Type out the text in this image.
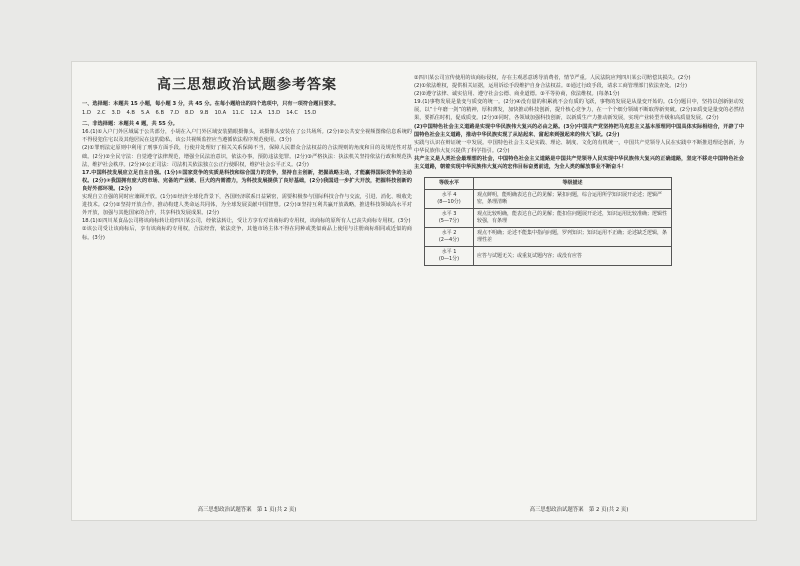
高三思想政治试题参考答案

一、选择题：本题共 15 小题，每小题 3 分，共 45 分。在每小题给出的四个选项中，只有一项符合题目要求。

1.D 2.C 3.D 4.B 5.A 6.B 7.D 8.D 9.B 10.A 11.C 12.A 13.D 14.C 15.D

二、非选择题：本题共 4 题，共 55 分。

16.(1)①入户门外区域属于公共部分，小胡在入户门外区域安装猫眼摄像头，该摄像头安装在了公共场所。(2分)②公共安全视频图像信息系统的不得侵犯住宅以及其他居民在这的隐私，该公共视频监控应当遵循依法程序规范使用。(3分)

(2)①罪刑法定原则中利用了刑事方面手段，行使并处理好了相关关系保障不当，保障人民群众合法权益的合法规则的角度和目的及规范性对基础。(2分)②全民守法：自觉遵守法律规范，增强全民法治意识，依法办事，预防违法犯罪。(2分)③严格执法：执法机关坚持依法行政和规范执法，维护社会秩序。(2分)④公正司法：司法机关依法独立公正行使职权，维护社会公平正义。(2分)

17.中国科技发展应立足自主自强。(1分)①国家竞争的实质是科技和综合国力的竞争，坚持自主创新，把握战略主动，才能赢得国际竞争的主动权。(2分)②我国拥有庞大的市场、完备的产业链、巨大的内需潜力，为科技发展提供了良好基础，(2分)我国进一步扩大开放，把握科技创新的良好外部环境。(2分)

实现自立自强的同时应兼顾开放。(1分)①经济全球化背景下，各国经济联系日益紧密，需要积极参与国际科技合作与交流，引进、消化、吸收先进技术。(2分)②坚持开放合作，推动构建人类命运共同体，为全球发展贡献中国智慧。(2分)③坚持互利共赢开放战略，推进科技领域高水平对外开放，加强与其他国家的合作，共享科技发展成果。(2分)

18.(1)①四川某食品公司将该商标转让给四川某公司，经依法转让，受让方享有对该商标的专用权，该商标的原所有人已丧失商标专用权。(3分)

②该公司受让该商标后，享有该商标的专用权，合法经营，依法竞争，其他市场主体不得在同种或类似商品上使用与注册商标相同或近似的商标。(3分)

高三思想政治试题答案　第 1 页(共 2 页)

②四川某公司宣传使用的该商标侵权，存在主观恶意诱导消费者，情节严重。人民法院应判四川某公司赔偿其损失。(2分)

(2)①依法维权，提供相关证据，运用诉讼手段维护自身合法权益。②通过行政手段，请求工商管理部门依法查处。(2分)

(2)②遵守法律、诚实信用、遵守社会公德、商业道德。③平等协商，依法维权。(每条1分)

19.(1)事物发展是量变与质变的统一。(2分)④没有量的积累就不会有质的飞跃，事物的发展是从量变开始的。(1分)题目中，坚持以创新驱动发展，以“十年磨一剑”的精神，厚积薄发，加快推动科技创新，提升核心竞争力，在一个个细分领域不断取得新突破。(2分)②质变是量变的必然结果，要抓住时机，促成质变。(2分)③同时，各领域加强科技创新，以新质生产力推动新发展，实现产业转型升级和高质量发展。(2分)

(2)中国特色社会主义道路是实现中华民族伟大复兴的必由之路。(3分)中国共产党坚持把马克思主义基本原理同中国具体实际相结合，开辟了中国特色社会主义道路，推动中华民族实现了从站起来、富起来到强起来的伟大飞跃。(2分)

实践与认识在辩证统一中发展。中国特色社会主义是实践、理论、制度、文化的有机统一，中国共产党领导人民在实践中不断推进理论创新，为中华民族伟大复兴提供了科学指引。(2分)

共产主义是人类社会最理想的社会，中国特色社会主义道路是中国共产党领导人民实现中华民族伟大复兴的正确道路，坚定不移走中国特色社会主义道路，朝着实现中华民族伟大复兴的宏伟目标奋勇前进，为全人类的解放事业不断奋斗！

等级水平	等级描述
水平 4
(8—10分)	观点鲜明，能明确表达自己的见解；紧扣问题，综合运用所学知识展开论述；逻辑严密，条理清晰
水平 3
(5—7分)	观点比较明确，能表达自己的见解；能扣住问题展开论述，知识运用比较准确；逻辑性较强，有条理
水平 2
(2—4分)	观点不明确；论述不能集中指向问题，罗列知识；知识运用不正确；论述缺乏逻辑，条理性差
水平 1
(0—1分)	应答与试题无关；或重复试题内容；或没有应答
高三思想政治试题答案　第 2 页(共 2 页)
